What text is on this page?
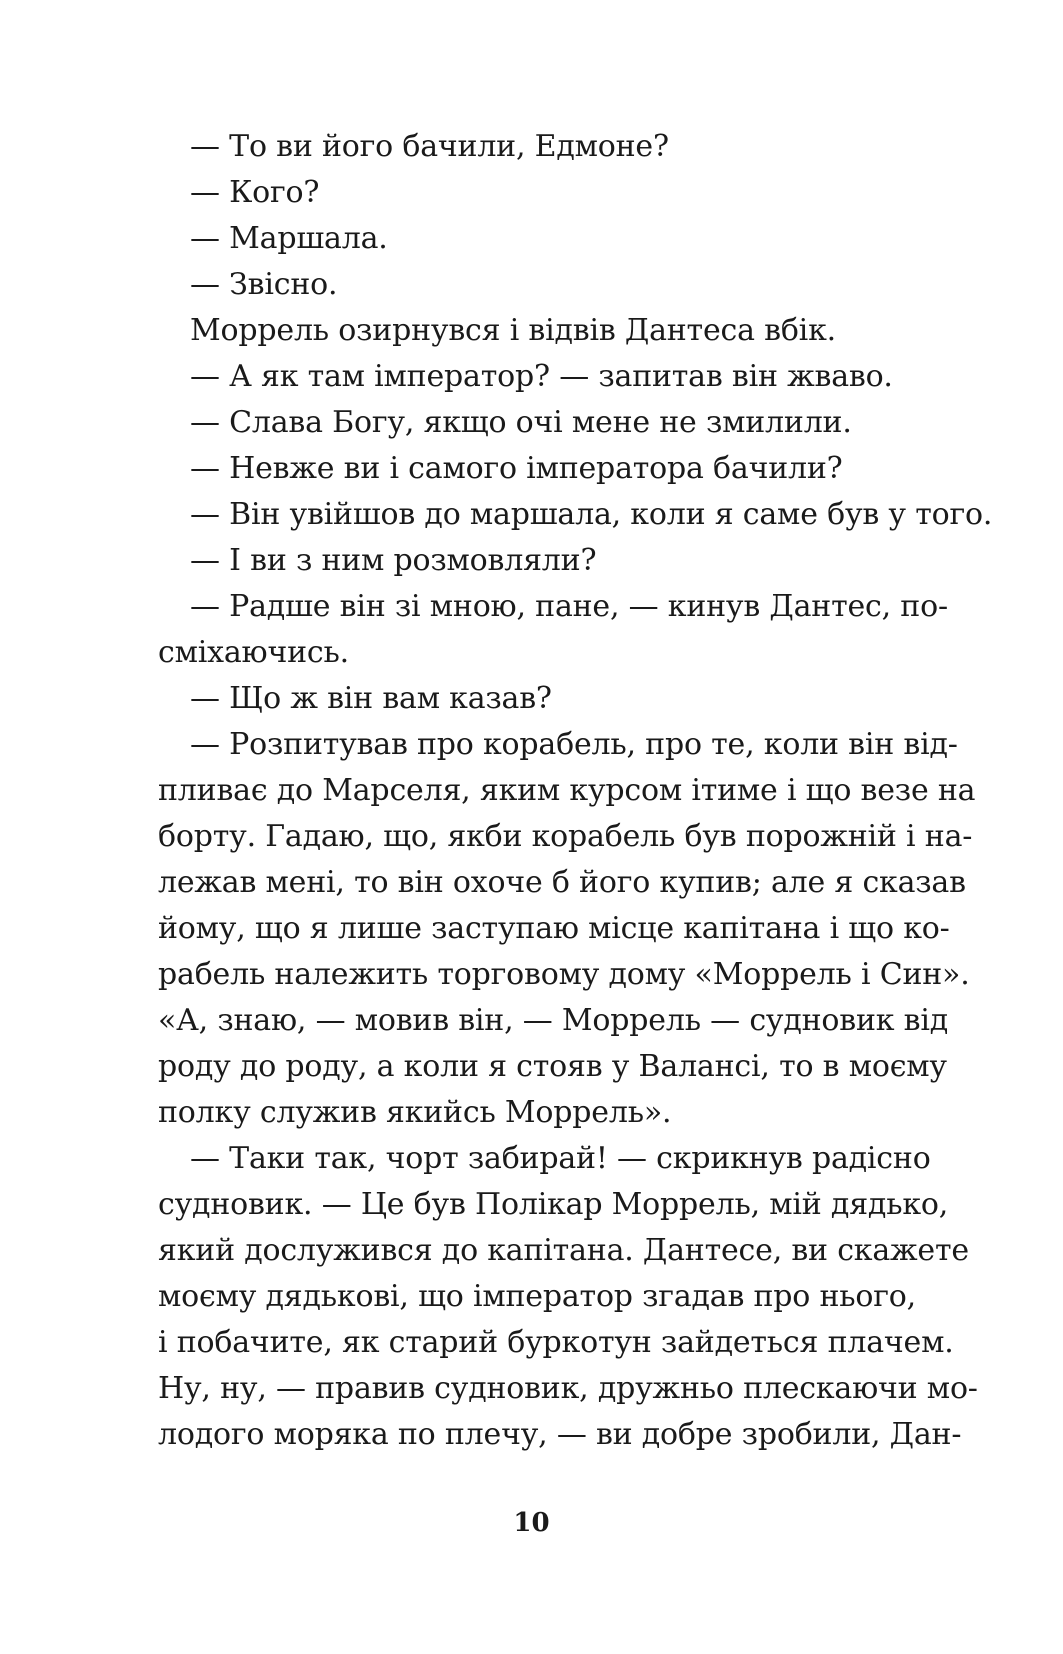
— То ви його бачили, Едмоне?
— Кого?
— Маршала.
— Звісно.
Моррель озирнувся і відвів Дантеса вбік.
— А як там імператор? — запитав він жваво.
— Слава Богу, якщо очі мене не змилили.
— Невже ви і самого імператора бачили?
— Він увійшов до маршала, коли я саме був у того.
— І ви з ним розмовляли?
— Радше він зі мною, пане, — кинув Дантес, по-
сміхаючись.
— Що ж він вам казав?
— Розпитував про корабель, про те, коли він від-
пливає до Марселя, яким курсом ітиме і що везе на
борту. Гадаю, що, якби корабель був порожній і на-
лежав мені, то він охоче б його купив; але я сказав
йому, що я лише заступаю місце капітана і що ко-
рабель належить торговому дому «Моррель і Син».
«А, знаю, — мовив він, — Моррель — судновик від
роду до роду, а коли я стояв у Валансі, то в моєму
полку служив якийсь Моррель».
— Таки так, чорт забирай! — скрикнув радісно
судновик. — Це був Полікар Моррель, мій дядько,
який дослужився до капітана. Дантесе, ви скажете
моєму дядькові, що імператор згадав про нього,
і побачите, як старий буркотун зайдеться плачем.
Ну, ну, — правив судновик, дружньо плескаючи мо-
лодого моряка по плечу, — ви добре зробили, Дан-
10
